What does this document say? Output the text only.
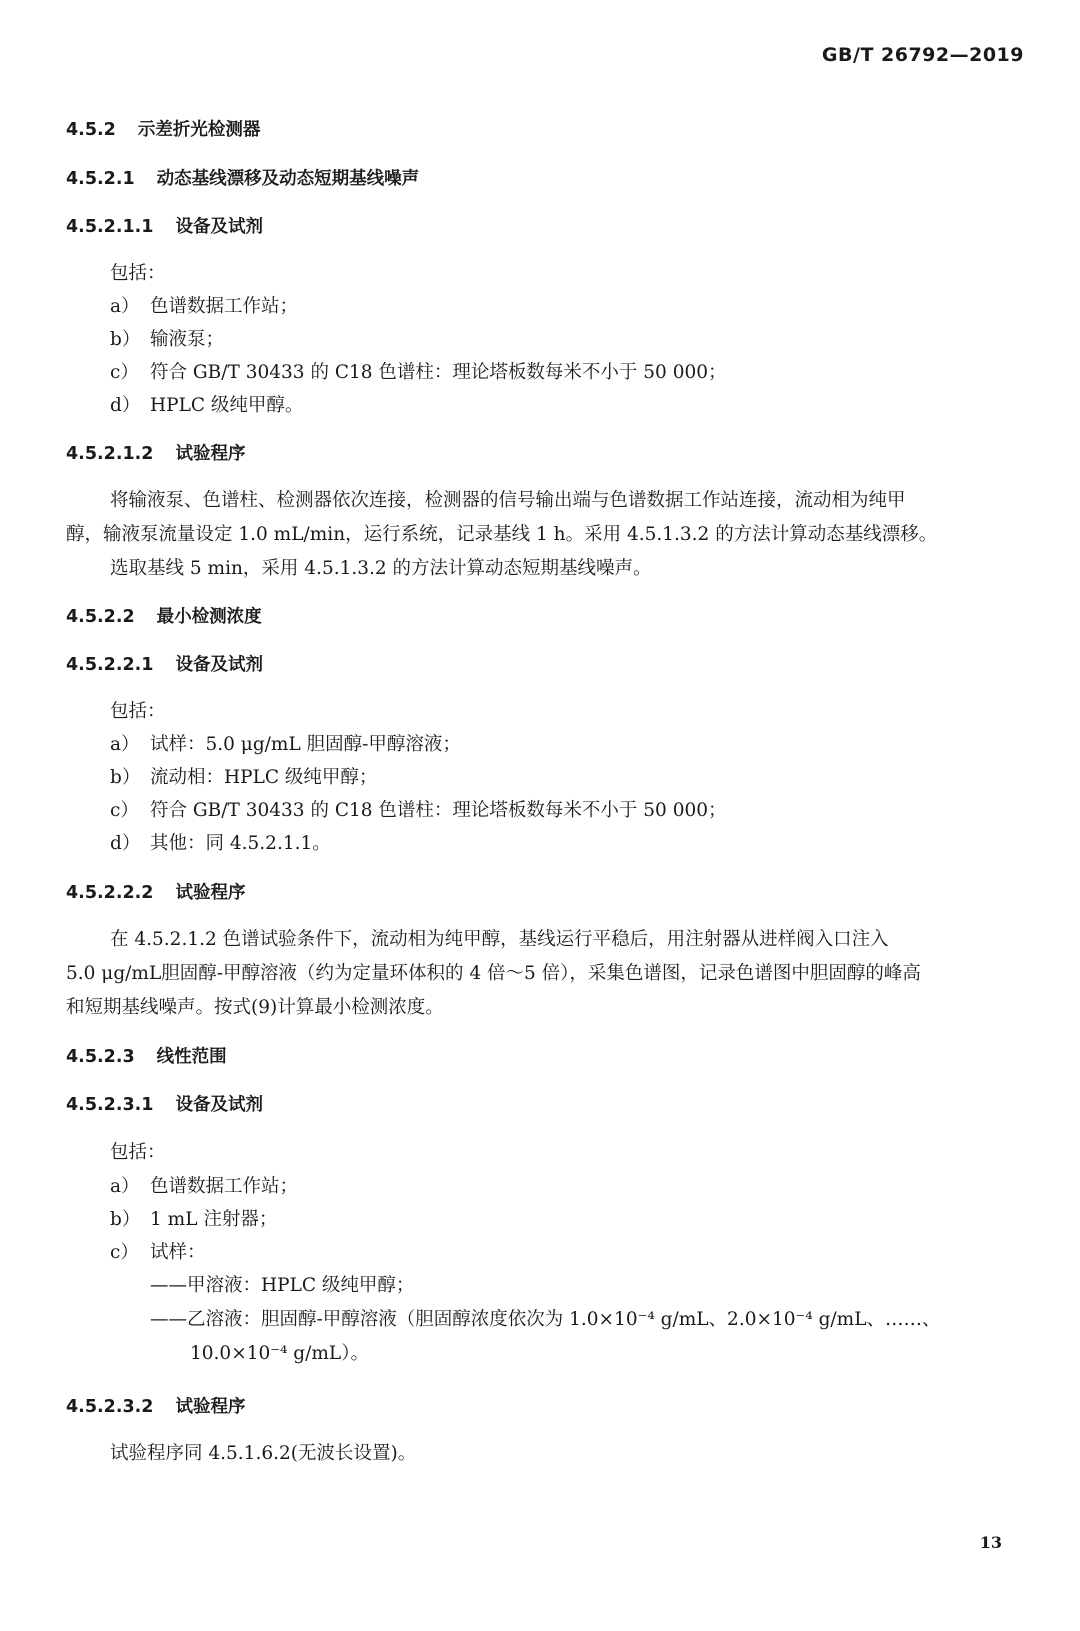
GB/T 26792—2019
4.5.2 示差折光检测器
4.5.2.1 动态基线漂移及动态短期基线噪声
4.5.2.1.1 设备及试剂
包括：
a） 色谱数据工作站；
b） 输液泵；
c） 符合 GB/T 30433 的 C18 色谱柱：理论塔板数每米不小于 50 000；
d） HPLC 级纯甲醇。
4.5.2.1.2 试验程序
将输液泵、色谱柱、检测器依次连接，检测器的信号输出端与色谱数据工作站连接，流动相为纯甲
醇，输液泵流量设定 1.0 mL/min，运行系统，记录基线 1 h。采用 4.5.1.3.2 的方法计算动态基线漂移。
选取基线 5 min，采用 4.5.1.3.2 的方法计算动态短期基线噪声。
4.5.2.2 最小检测浓度
4.5.2.2.1 设备及试剂
包括：
a） 试样：5.0 μg/mL 胆固醇-甲醇溶液；
b） 流动相：HPLC 级纯甲醇；
c） 符合 GB/T 30433 的 C18 色谱柱：理论塔板数每米不小于 50 000；
d） 其他：同 4.5.2.1.1。
4.5.2.2.2 试验程序
在 4.5.2.1.2 色谱试验条件下，流动相为纯甲醇，基线运行平稳后，用注射器从进样阀入口注入
5.0 μg/mL胆固醇-甲醇溶液（约为定量环体积的 4 倍～5 倍），采集色谱图，记录色谱图中胆固醇的峰高
和短期基线噪声。按式(9)计算最小检测浓度。
4.5.2.3 线性范围
4.5.2.3.1 设备及试剂
包括：
a） 色谱数据工作站；
b） 1 mL 注射器；
c） 试样：
——甲溶液：HPLC 级纯甲醇；
——乙溶液：胆固醇-甲醇溶液（胆固醇浓度依次为 1.0×10⁻⁴ g/mL、2.0×10⁻⁴ g/mL、……、
10.0×10⁻⁴ g/mL）。
4.5.2.3.2 试验程序
试验程序同 4.5.1.6.2(无波长设置)。
13
